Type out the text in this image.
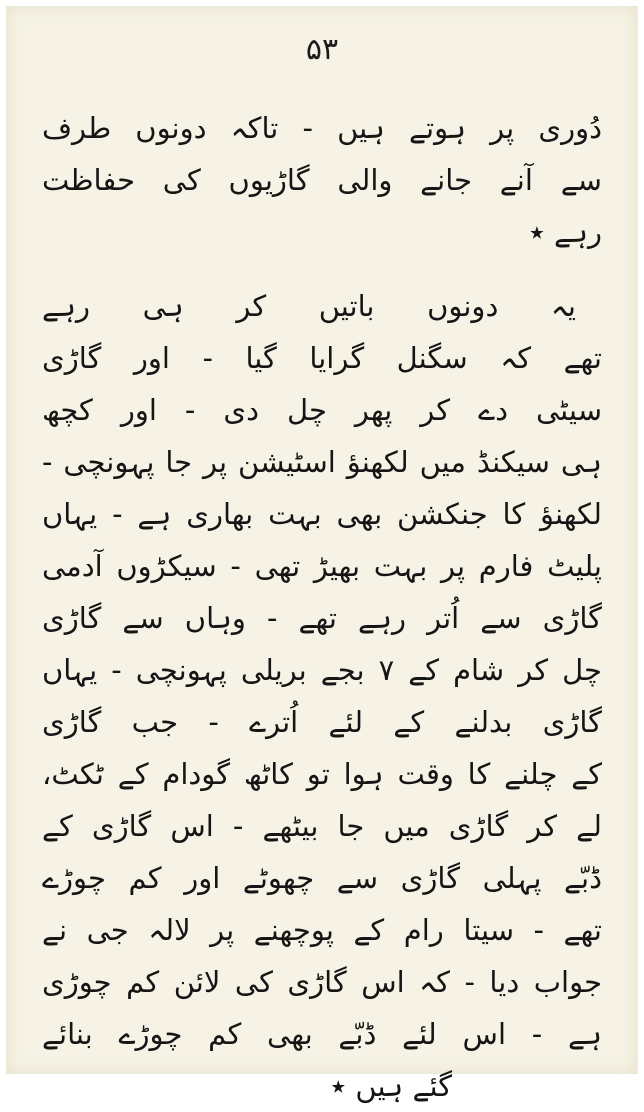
۵۳
دُوری پر ہوتے ہیں - تاکہ دونوں طرف
سے آنے جانے والی گاڑیوں کی حفاظت
رہے ٭
یہ دونوں باتیں کر ہی رہے
تھے کہ سگنل گرایا گیا - اور گاڑی
سیٹی دے کر پھر چل دی - اور کچھ
ہی سیکنڈ میں لکھنؤ اسٹیشن پر جا پہونچی -
لکھنؤ کا جنکشن بھی بہت بھاری ہے - یہاں
پلیٹ فارم پر بہت بھیڑ تھی - سیکڑوں آدمی
گاڑی سے اُتر رہے تھے - وہاں سے گاڑی
چل کر شام کے ۷ بجے بریلی پہونچی - یہاں
گاڑی بدلنے کے لئے اُترے - جب گاڑی
کے چلنے کا وقت ہوا تو کاٹھ گودام کے ٹکٹ،
لے کر گاڑی میں جا بیٹھے - اس گاڑی کے
ڈبّے پہلی گاڑی سے چھوٹے اور کم چوڑے
تھے - سیتا رام کے پوچھنے پر لالہ جی نے
جواب دیا - کہ اس گاڑی کی لائن کم چوڑی
ہے - اس لئے ڈبّے بھی کم چوڑے بنائے
گئے ہیں ٭
